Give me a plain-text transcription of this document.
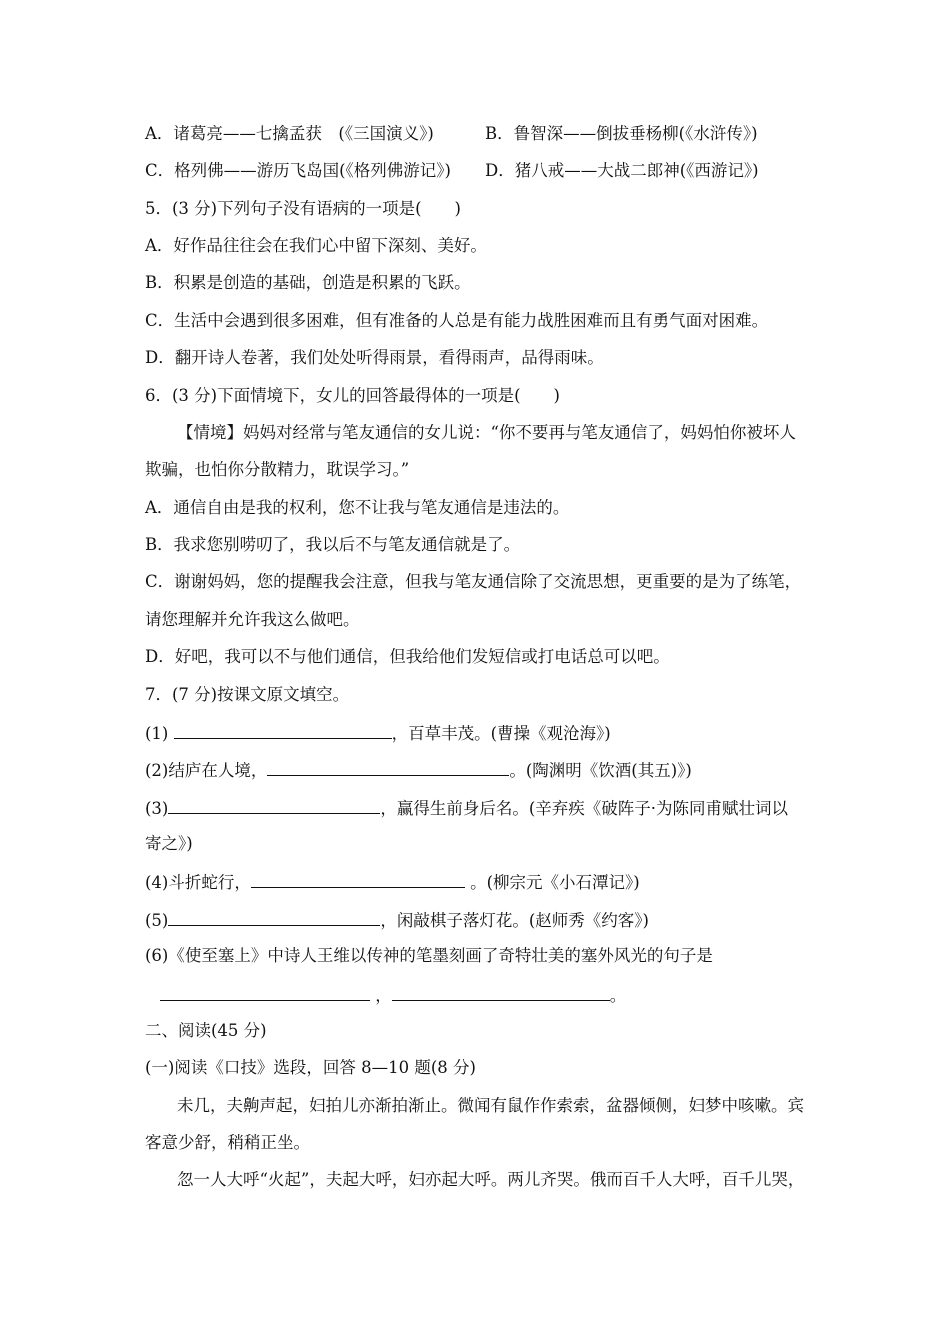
A．诸葛亮——七擒孟获　(《三国演义》)	B．鲁智深——倒拔垂杨柳(《水浒传》)
C．格列佛——游历飞岛国(《格列佛游记》) D．猪八戒——大战二郎神(《西游记》)
5．(3 分)下列句子没有语病的一项是(　　)
A．好作品往往会在我们心中留下深刻、美好。
B．积累是创造的基础，创造是积累的飞跃。
C．生活中会遇到很多困难，但有准备的人总是有能力战胜困难而且有勇气面对困难。
D．翻开诗人卷著，我们处处听得雨景，看得雨声，品得雨味。
6．(3 分)下面情境下，女儿的回答最得体的一项是(　　)
【情境】妈妈对经常与笔友通信的女儿说：“你不要再与笔友通信了，妈妈怕你被坏人
欺骗，也怕你分散精力，耽误学习。”
A．通信自由是我的权利，您不让我与笔友通信是违法的。
B．我求您别唠叨了，我以后不与笔友通信就是了。
C．谢谢妈妈，您的提醒我会注意，但我与笔友通信除了交流思想，更重要的是为了练笔，
请您理解并允许我这么做吧。
D．好吧，我可以不与他们通信，但我给他们发短信或打电话总可以吧。
7．(7 分)按课文原文填空。
(1)	，百草丰茂。(曹操《观沧海》)
(2)结庐在人境，	。(陶渊明《饮酒(其五)》)
(3)	，赢得生前身后名。(辛弃疾《破阵子·为陈同甫赋壮词以
寄之》)
(4)斗折蛇行，	。(柳宗元《小石潭记》)
(5)	，闲敲棋子落灯花。(赵师秀《约客》)
(6)《使至塞上》中诗人王维以传神的笔墨刻画了奇特壮美的塞外风光的句子是
，	。
二、阅读(45 分)
(一)阅读《口技》选段，回答 8—10 题(8 分)
未几，夫齁声起，妇拍儿亦渐拍渐止。微闻有鼠作作索索，盆器倾侧，妇梦中咳嗽。宾
客意少舒，稍稍正坐。
忽一人大呼“火起”，夫起大呼，妇亦起大呼。两儿齐哭。俄而百千人大呼，百千儿哭，
